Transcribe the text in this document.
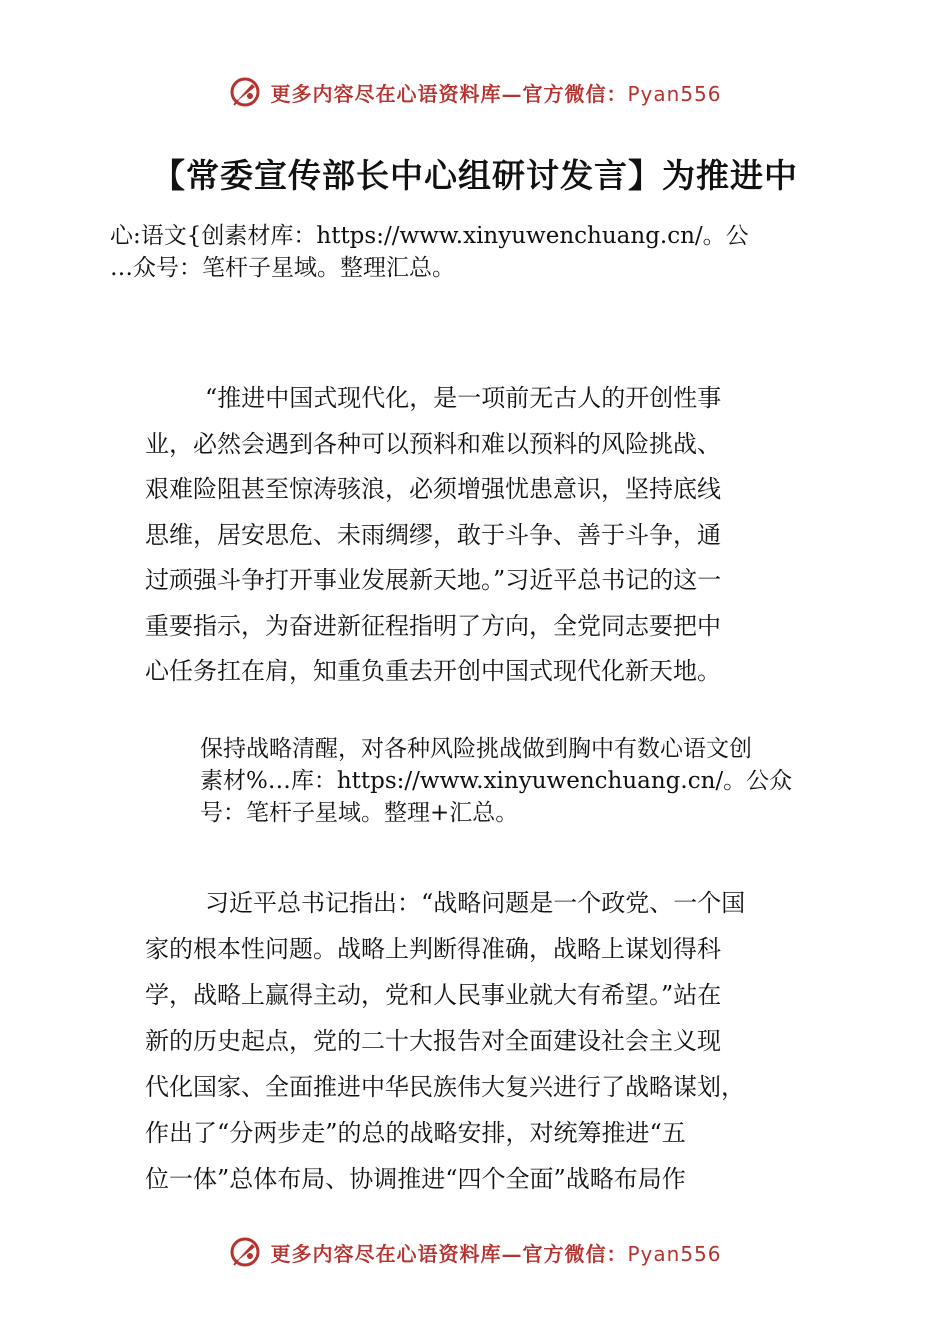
更多内容尽在心语资料库—官方微信：Pyan556
【常委宣传部长中心组研讨发言】为推进中
心:语文{创素材库：https://www.xinyuwenchuang.cn/。公
…众号：笔杆子星域。整理汇总。
“推进中国式现代化，是一项前无古人的开创性事
业，必然会遇到各种可以预料和难以预料的风险挑战、
艰难险阻甚至惊涛骇浪，必须增强忧患意识，坚持底线
思维，居安思危、未雨绸缪，敢于斗争、善于斗争，通
过顽强斗争打开事业发展新天地。”习近平总书记的这一
重要指示，为奋进新征程指明了方向，全党同志要把中
心任务扛在肩，知重负重去开创中国式现代化新天地。
保持战略清醒，对各种风险挑战做到胸中有数心语文创
素材%…库：https://www.xinyuwenchuang.cn/。公众
号：笔杆子星域。整理+汇总。
习近平总书记指出：“战略问题是一个政党、一个国
家的根本性问题。战略上判断得准确，战略上谋划得科
学，战略上赢得主动，党和人民事业就大有希望。”站在
新的历史起点，党的二十大报告对全面建设社会主义现
代化国家、全面推进中华民族伟大复兴进行了战略谋划，
作出了“分两步走”的总的战略安排，对统筹推进“五
位一体”总体布局、协调推进“四个全面”战略布局作
更多内容尽在心语资料库—官方微信：Pyan556
